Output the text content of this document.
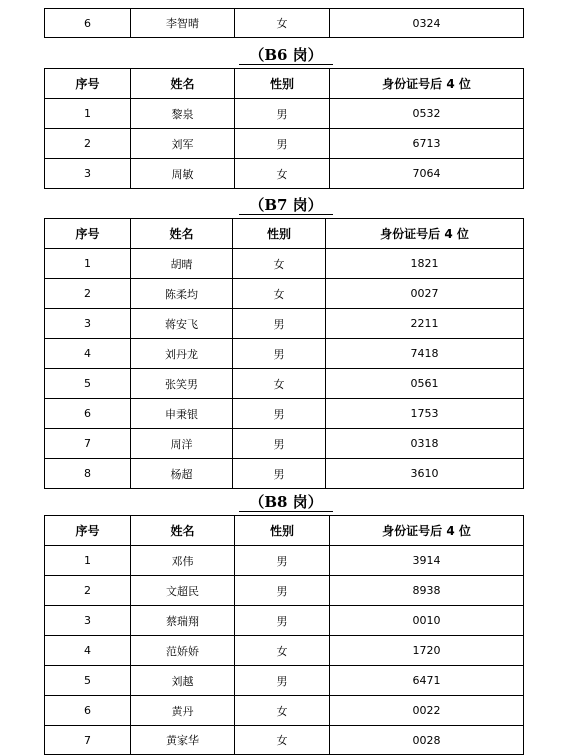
6	李智晴	女	0324
（B6 岗）
序号	姓名	性别	身份证号后 4 位
1	黎泉	男	0532
2	刘军	男	6713
3	周敏	女	7064
（B7 岗）
序号	姓名	性别	身份证号后 4 位
1	胡晴	女	1821
2	陈柔均	女	0027
3	蒋安飞	男	2211
4	刘丹龙	男	7418
5	张笑男	女	0561
6	申秉银	男	1753
7	周洋	男	0318
8	杨超	男	3610
（B8 岗）
序号	姓名	性别	身份证号后 4 位
1	邓伟	男	3914
2	文超民	男	8938
3	蔡瑞翔	男	0010
4	范娇娇	女	1720
5	刘越	男	6471
6	黄丹	女	0022
7	黄家华	女	0028
